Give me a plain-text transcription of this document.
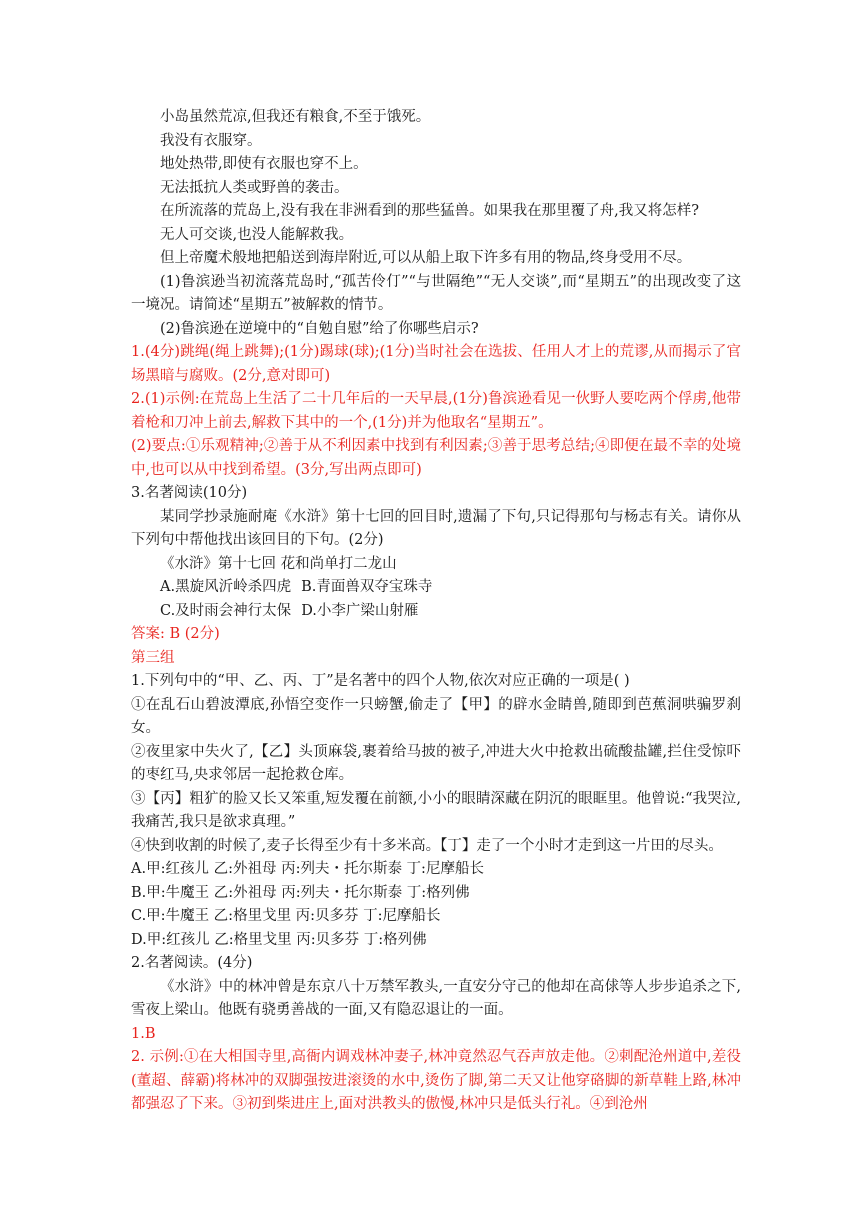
小岛虽然荒凉,但我还有粮食,不至于饿死。

我没有衣服穿。

地处热带,即使有衣服也穿不上。

无法抵抗人类或野兽的袭击。

在所流落的荒岛上,没有我在非洲看到的那些猛兽。如果我在那里覆了舟,我又将怎样?

无人可交谈,也没人能解救我。

但上帝魔术般地把船送到海岸附近,可以从船上取下许多有用的物品,终身受用不尽。

(1)鲁滨逊当初流落荒岛时,“孤苦伶仃”“与世隔绝”“无人交谈”,而“星期五”的出现改变了这一境况。请简述“星期五”被解救的情节。

(2)鲁滨逊在逆境中的“自勉自慰”给了你哪些启示?

1.(4分)跳绳(绳上跳舞);(1分)踢球(球);(1分)当时社会在选拔、任用人才上的荒谬,从而揭示了官场黑暗与腐败。(2分,意对即可)

2.(1)示例:在荒岛上生活了二十几年后的一天早晨,(1分)鲁滨逊看见一伙野人要吃两个俘虏,他带着枪和刀冲上前去,解救下其中的一个,(1分)并为他取名“星期五”。

(2)要点:①乐观精神;②善于从不利因素中找到有利因素;③善于思考总结;④即便在最不幸的处境中,也可以从中找到希望。(3分,写出两点即可)

3.名著阅读(10分)

某同学抄录施耐庵《水浒》第十七回的回目时,遗漏了下句,只记得那句与杨志有关。请你从下列句中帮他找出该回目的下句。(2分)

《水浒》第十七回 花和尚单打二龙山

A.黑旋风沂岭杀四虎 B.青面兽双夺宝珠寺

C.及时雨会神行太保 D.小李广梁山射雁

答案: B (2分)

第三组

1.下列句中的“甲、乙、丙、丁”是名著中的四个人物,依次对应正确的一项是( )

①在乱石山碧波潭底,孙悟空变作一只螃蟹,偷走了【甲】的辟水金睛兽,随即到芭蕉洞哄骗罗刹女。

②夜里家中失火了,【乙】头顶麻袋,裹着给马披的被子,冲进大火中抢救出硫酸盐罐,拦住受惊吓的枣红马,央求邻居一起抢救仓库。

③【丙】粗犷的脸又长又笨重,短发覆在前额,小小的眼睛深藏在阴沉的眼眶里。他曾说:“我哭泣,我痛苦,我只是欲求真理。”

④快到收割的时候了,麦子长得至少有十多米高。【丁】走了一个小时才走到这一片田的尽头。

A.甲:红孩儿 乙:外祖母 丙:列夫・托尔斯泰 丁:尼摩船长

B.甲:牛魔王 乙:外祖母 丙:列夫・托尔斯泰 丁:格列佛

C.甲:牛魔王 乙:格里戈里 丙:贝多芬 丁:尼摩船长

D.甲:红孩儿 乙:格里戈里 丙:贝多芬 丁:格列佛

2.名著阅读。(4分)

《水浒》中的林冲曾是东京八十万禁军教头,一直安分守己的他却在高俅等人步步追杀之下,雪夜上梁山。他既有骁勇善战的一面,又有隐忍退让的一面。

1.B

2. 示例:①在大相国寺里,高衙内调戏林冲妻子,林冲竟然忍气吞声放走他。②刺配沧州道中,差役(董超、薛霸)将林冲的双脚强按进滚烫的水中,烫伤了脚,第二天又让他穿硌脚的新草鞋上路,林冲都强忍了下来。③初到柴进庄上,面对洪教头的傲慢,林冲只是低头行礼。④到沧州
